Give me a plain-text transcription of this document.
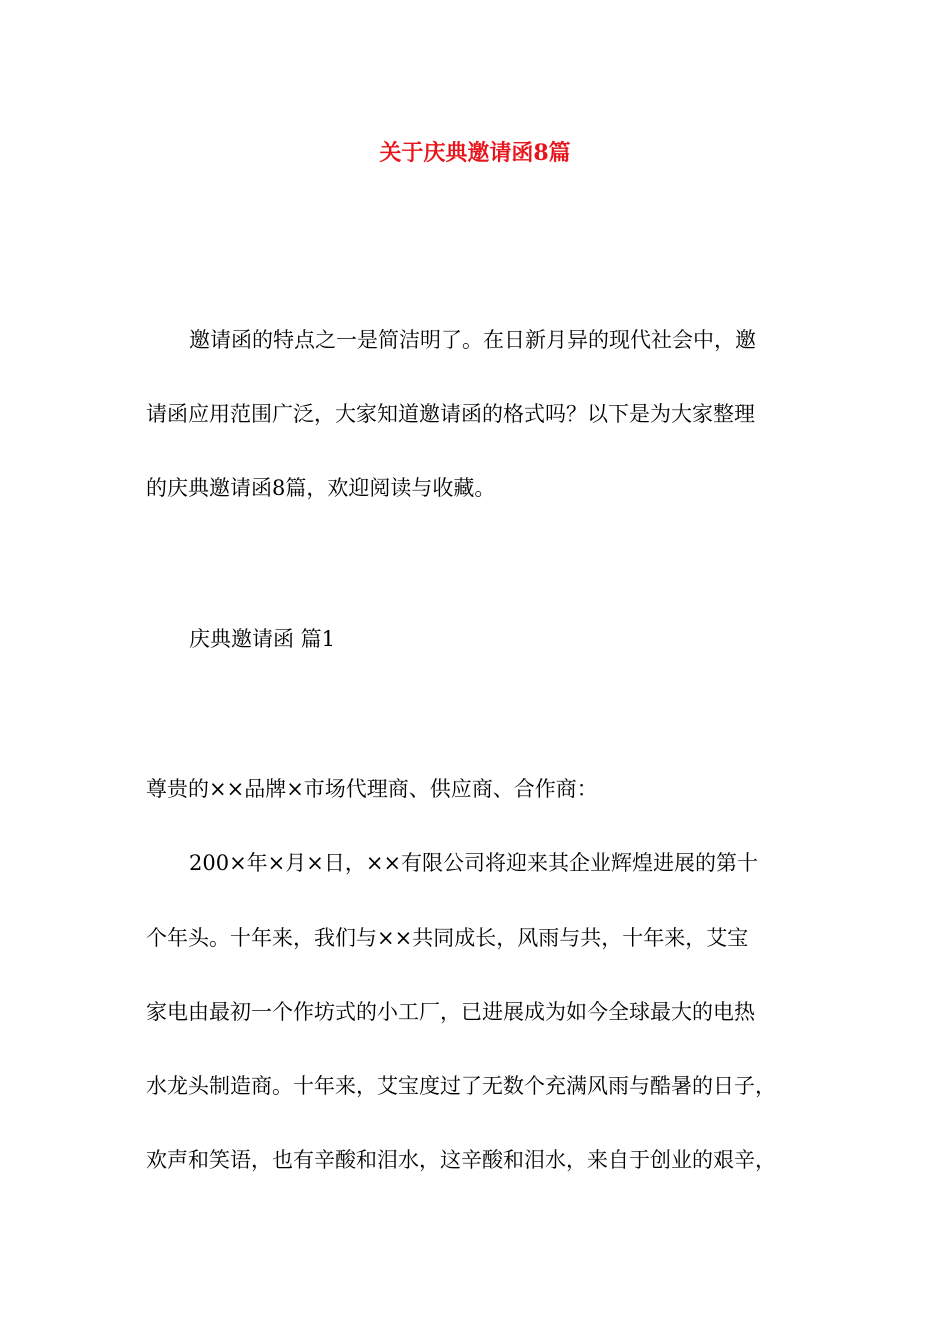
关于庆典邀请函8篇
邀请函的特点之一是简洁明了。在日新月异的现代社会中，邀
请函应用范围广泛，大家知道邀请函的格式吗？以下是为大家整理
的庆典邀请函8篇，欢迎阅读与收藏。
庆典邀请函 篇1
尊贵的××品牌×市场代理商、供应商、合作商：
200×年×月×日，××有限公司将迎来其企业辉煌进展的第十
个年头。十年来，我们与××共同成长，风雨与共，十年来，艾宝
家电由最初一个作坊式的小工厂，已进展成为如今全球最大的电热
水龙头制造商。十年来，艾宝度过了无数个充满风雨与酷暑的日子，
欢声和笑语，也有辛酸和泪水，这辛酸和泪水，来自于创业的艰辛，
